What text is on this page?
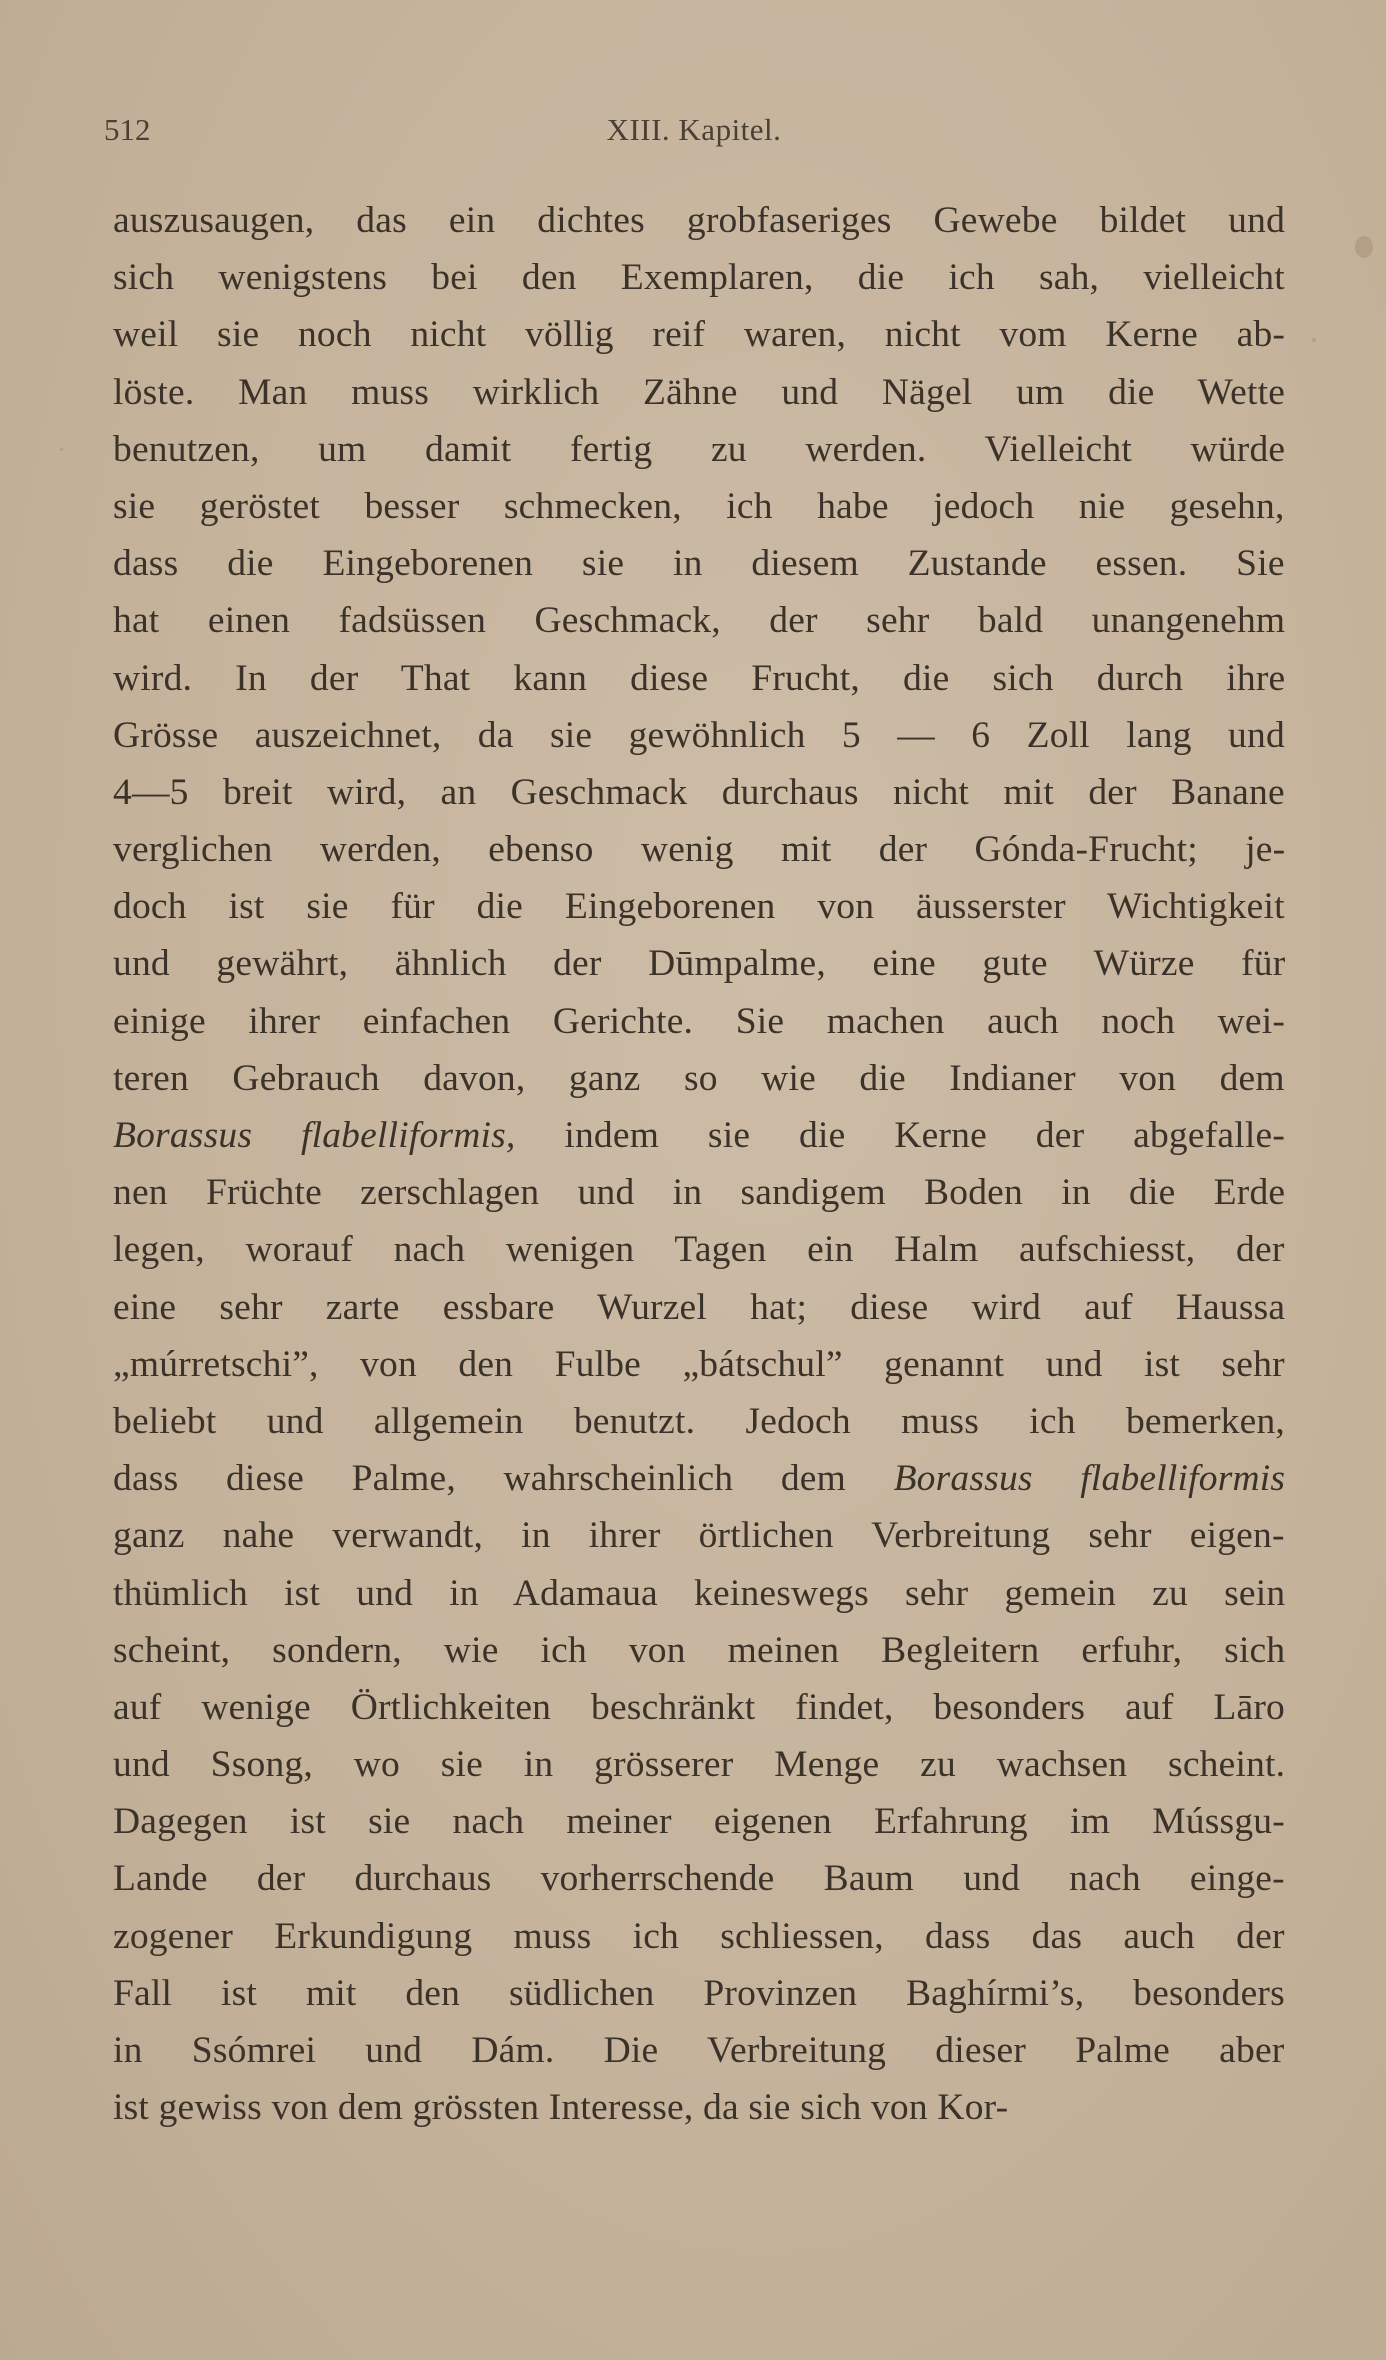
512	XIII. Kapitel.
auszusaugen, das ein dichtes grobfaseriges Gewebe bildet und
sich wenigstens bei den Exemplaren, die ich sah, vielleicht
weil sie noch nicht völlig reif waren, nicht vom Kerne ab-
löste. Man muss wirklich Zähne und Nägel um die Wette
benutzen, um damit fertig zu werden. Vielleicht würde
sie geröstet besser schmecken, ich habe jedoch nie gesehn,
dass die Eingeborenen sie in diesem Zustande essen. Sie
hat einen fadsüssen Geschmack, der sehr bald unangenehm
wird. In der That kann diese Frucht, die sich durch ihre
Grösse auszeichnet, da sie gewöhnlich 5 — 6 Zoll lang und
4—5 breit wird, an Geschmack durchaus nicht mit der Banane
verglichen werden, ebenso wenig mit der Gónda-Frucht; je-
doch ist sie für die Eingeborenen von äusserster Wichtigkeit
und gewährt, ähnlich der Dūmpalme, eine gute Würze für
einige ihrer einfachen Gerichte. Sie machen auch noch wei-
teren Gebrauch davon, ganz so wie die Indianer von dem
Borassus flabelliformis, indem sie die Kerne der abgefalle-
nen Früchte zerschlagen und in sandigem Boden in die Erde
legen, worauf nach wenigen Tagen ein Halm aufschiesst, der
eine sehr zarte essbare Wurzel hat; diese wird auf Haussa
„múrretschi”, von den Fulbe „bátschul” genannt und ist sehr
beliebt und allgemein benutzt. Jedoch muss ich bemerken,
dass diese Palme, wahrscheinlich dem Borassus flabelliformis
ganz nahe verwandt, in ihrer örtlichen Verbreitung sehr eigen-
thümlich ist und in Adamaua keineswegs sehr gemein zu sein
scheint, sondern, wie ich von meinen Begleitern erfuhr, sich
auf wenige Örtlichkeiten beschränkt findet, besonders auf Lāro
und Ssong, wo sie in grösserer Menge zu wachsen scheint.
Dagegen ist sie nach meiner eigenen Erfahrung im Mússgu-
Lande der durchaus vorherrschende Baum und nach einge-
zogener Erkundigung muss ich schliessen, dass das auch der
Fall ist mit den südlichen Provinzen Baghírmi’s, besonders
in Ssómrei und Dám. Die Verbreitung dieser Palme aber
ist gewiss von dem grössten Interesse, da sie sich von Kor-
